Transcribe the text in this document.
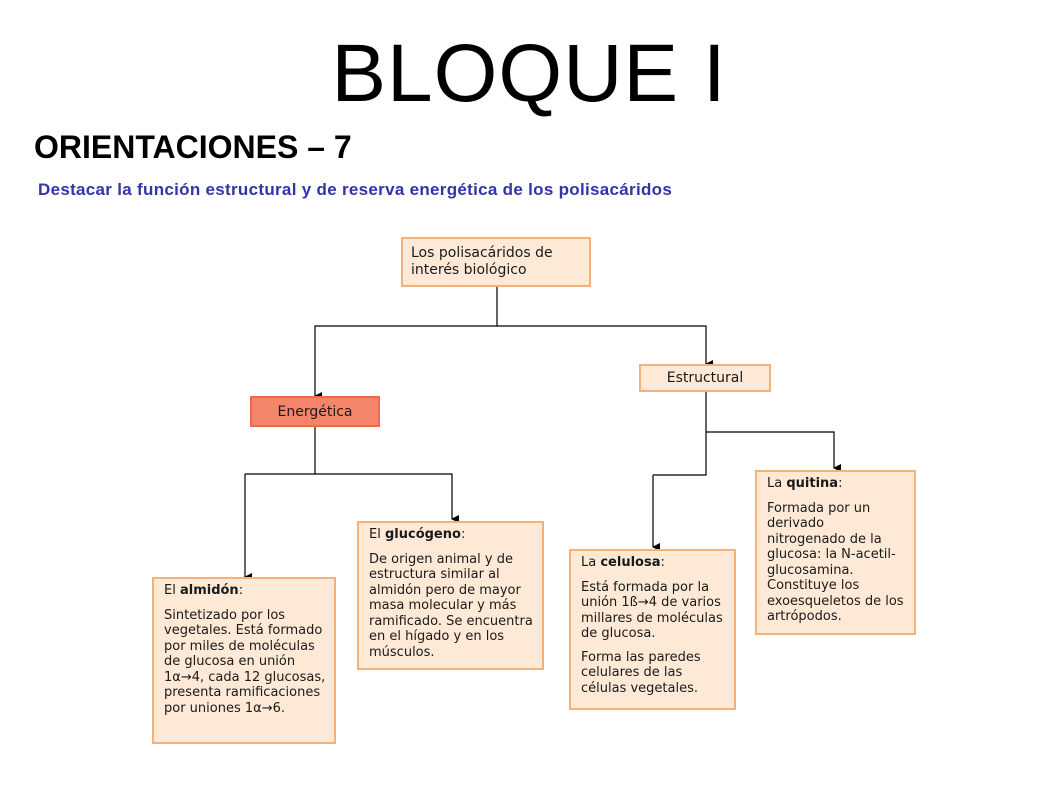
BLOQUE I
ORIENTACIONES – 7
Destacar la función estructural y de reserva energética de los polisacáridos
Los polisacáridos de interés biológico
Energética
Estructural
El almidón:

Sintetizado por los vegetales. Está formado por miles de moléculas de glucosa en unión 1α→4, cada 12 glucosas, presenta ramificaciones por uniones 1α→6.

El glucógeno:

De origen animal y de estructura similar al almidón pero de mayor masa molecular y más ramificado. Se encuentra en el hígado y en los músculos.

La celulosa:

Está formada por la unión 1ß→4 de varios millares de moléculas de glucosa.

Forma las paredes celulares de las células vegetales.

La quitina:

Formada por un derivado nitrogenado de la glucosa: la N-acetil-glucosamina. Constituye los exoesqueletos de los artrópodos.
